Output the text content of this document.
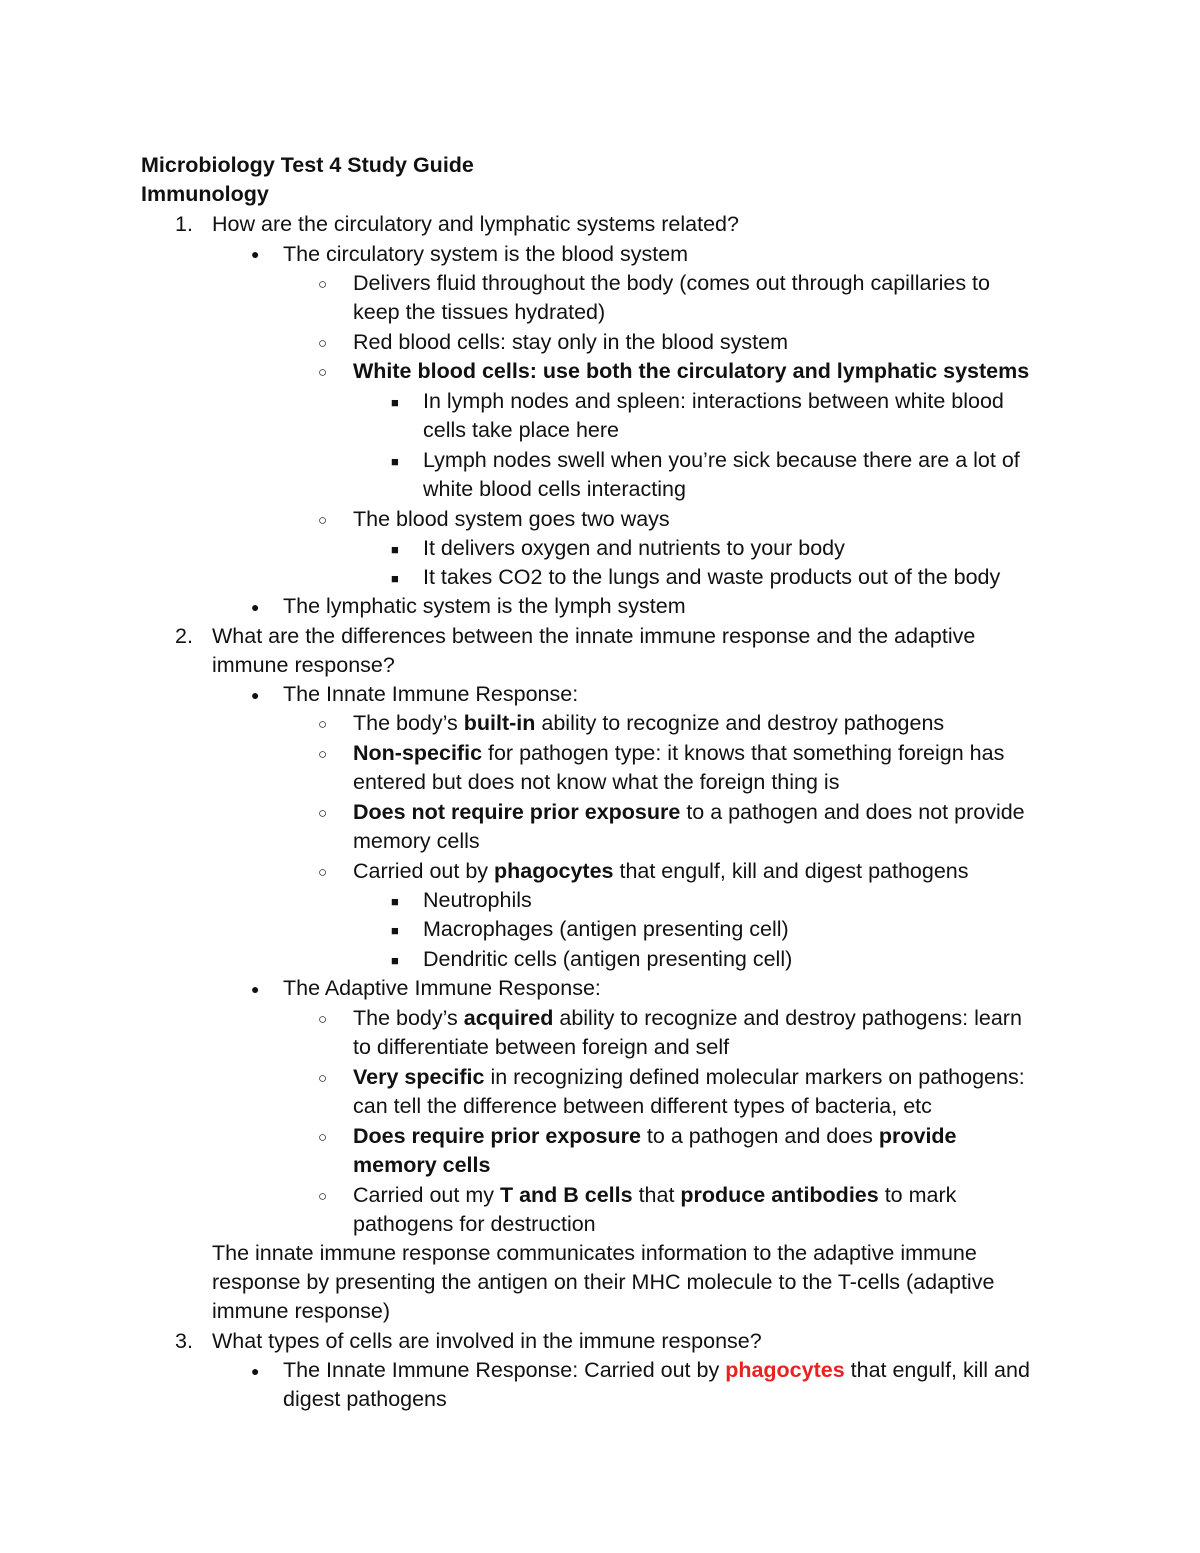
Microbiology Test 4 Study Guide
Immunology
1. How are the circulatory and lymphatic systems related?
● The circulatory system is the blood system
○ Delivers fluid throughout the body (comes out through capillaries to
keep the tissues hydrated)
○ Red blood cells: stay only in the blood system
○ White blood cells: use both the circulatory and lymphatic systems
■ In lymph nodes and spleen: interactions between white blood
cells take place here
■ Lymph nodes swell when you’re sick because there are a lot of
white blood cells interacting
○ The blood system goes two ways
■ It delivers oxygen and nutrients to your body
■ It takes CO2 to the lungs and waste products out of the body
● The lymphatic system is the lymph system
2. What are the differences between the innate immune response and the adaptive
immune response?
● The Innate Immune Response:
○ The body’s built-in ability to recognize and destroy pathogens
○ Non-specific for pathogen type: it knows that something foreign has
entered but does not know what the foreign thing is
○ Does not require prior exposure to a pathogen and does not provide
memory cells
○ Carried out by phagocytes that engulf, kill and digest pathogens
■ Neutrophils
■ Macrophages (antigen presenting cell)
■ Dendritic cells (antigen presenting cell)
● The Adaptive Immune Response:
○ The body’s acquired ability to recognize and destroy pathogens: learn
to differentiate between foreign and self
○ Very specific in recognizing defined molecular markers on pathogens:
can tell the difference between different types of bacteria, etc
○ Does require prior exposure to a pathogen and does provide
memory cells
○ Carried out my T and B cells that produce antibodies to mark
pathogens for destruction
The innate immune response communicates information to the adaptive immune
response by presenting the antigen on their MHC molecule to the T-cells (adaptive
immune response)
3. What types of cells are involved in the immune response?
● The Innate Immune Response: Carried out by phagocytes that engulf, kill and
digest pathogens
